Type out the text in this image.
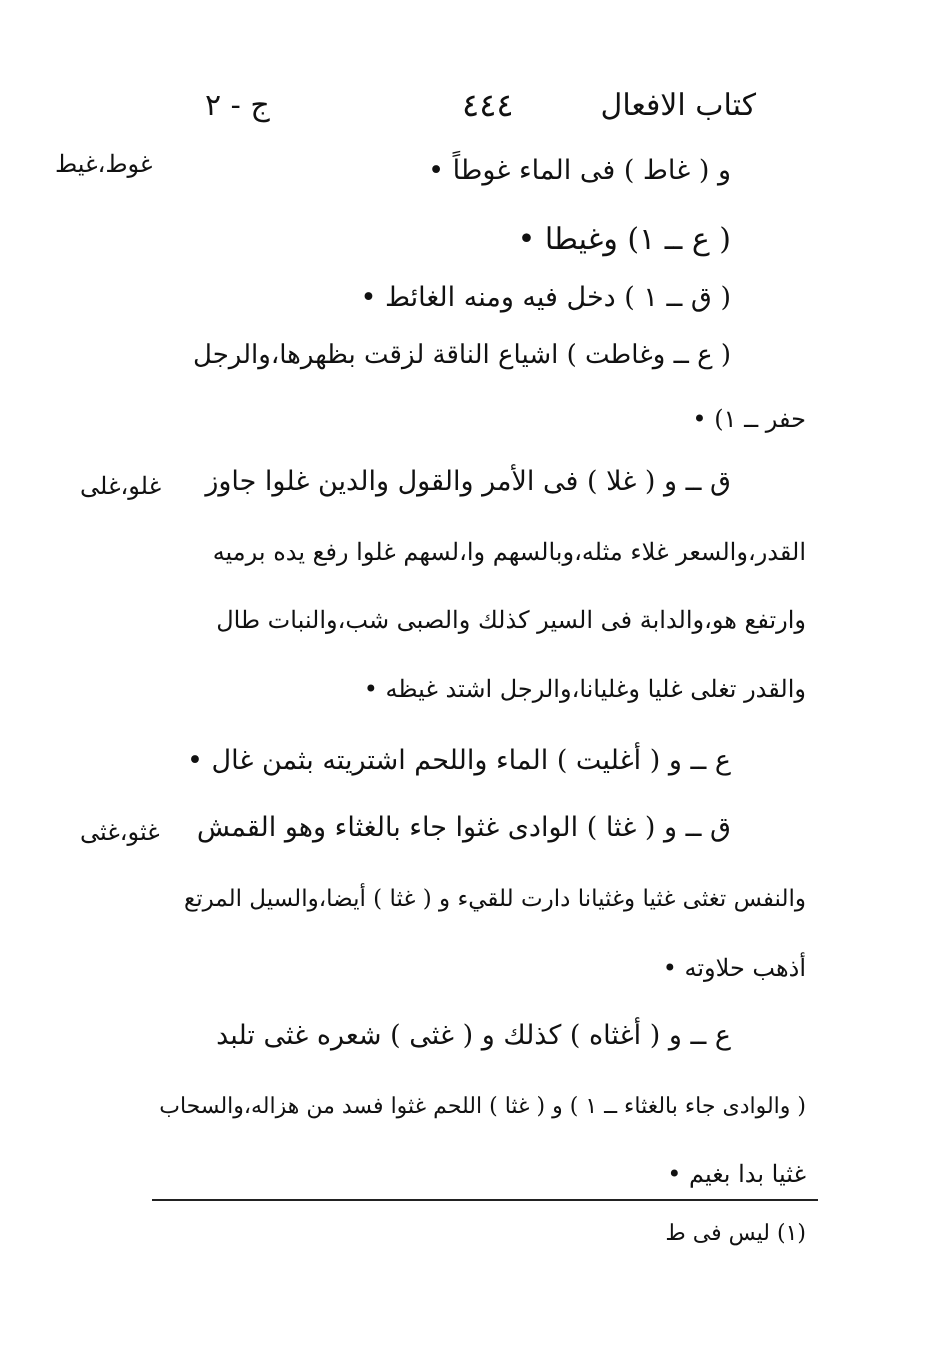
كتاب الافعال
٤٤٤
ج - ٢
غوط،غيط
غلو،غلى
غثو،غثى
و ( غاط ) فى الماء غوطاً •
( ع ــ ١) وغيطا •
( ق ــ ١ ) دخل فيه ومنه الغائط •
( ع ــ وغاطت ) اشياع الناقة لزقت بظهرها،والرجل
حفر ــ ١) •
ق ــ و ( غلا ) فى الأمر والقول والدين غلوا جاوز
القدر،والسعر غلاء مثله،وبالسهم وا،لسهم غلوا رفع يده برميه
وارتفع هو،والدابة فى السير كذلك والصبى شب،والنبات طال
والقدر تغلى غليا وغليانا،والرجل اشتد غيظه •
ع ــ و ( أغليت ) الماء واللحم اشتريته بثمن غال •
ق ــ و ( غثا ) الوادى غثوا جاء بالغثاء وهو القمش
والنفس تغثى غثيا وغثيانا دارت للقيء و ( غثا ) أيضا،والسيل المرتع
أذهب حلاوته •
ع ــ و ( أغثاه ) كذلك و ( غثى ) شعره غثى تلبد
( والوادى جاء بالغثاء ــ ١ ) و ( غثا ) اللحم غثوا فسد من هزاله،والسحاب
غثيا بدا بغيم •
(١) ليس فى ط
